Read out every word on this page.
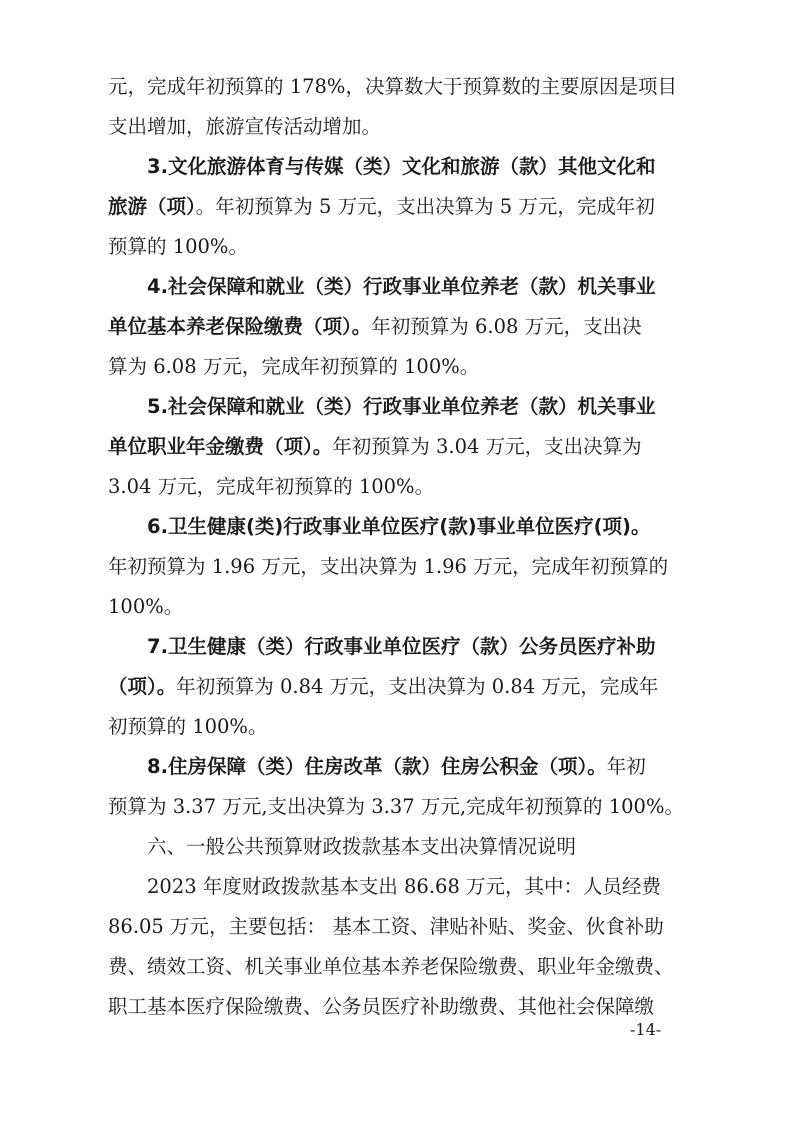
元，完成年初预算的 178%，决算数大于预算数的主要原因是项目
支出增加，旅游宣传活动增加。
3.文化旅游体育与传媒（类）文化和旅游（款）其他文化和
旅游（项）。年初预算为 5 万元，支出决算为 5 万元，完成年初
预算的 100%。
4.社会保障和就业（类）行政事业单位养老（款）机关事业
单位基本养老保险缴费（项）。年初预算为 6.08 万元，支出决
算为 6.08 万元，完成年初预算的 100%。
5.社会保障和就业（类）行政事业单位养老（款）机关事业
单位职业年金缴费（项）。年初预算为 3.04 万元，支出决算为
3.04 万元，完成年初预算的 100%。
6.卫生健康(类)行政事业单位医疗(款)事业单位医疗(项)。
年初预算为 1.96 万元，支出决算为 1.96 万元，完成年初预算的
100%。
7.卫生健康（类）行政事业单位医疗（款）公务员医疗补助
（项）。年初预算为 0.84 万元，支出决算为 0.84 万元，完成年
初预算的 100%。
8.住房保障（类）住房改革（款）住房公积金（项）。年初
预算为 3.37 万元,支出决算为 3.37 万元,完成年初预算的 100%。
六、一般公共预算财政拨款基本支出决算情况说明
2023 年度财政拨款基本支出 86.68 万元，其中：人员经费
86.05 万元，主要包括： 基本工资、津贴补贴、奖金、伙食补助
费、绩效工资、机关事业单位基本养老保险缴费、职业年金缴费、
职工基本医疗保险缴费、公务员医疗补助缴费、其他社会保障缴
-14-
